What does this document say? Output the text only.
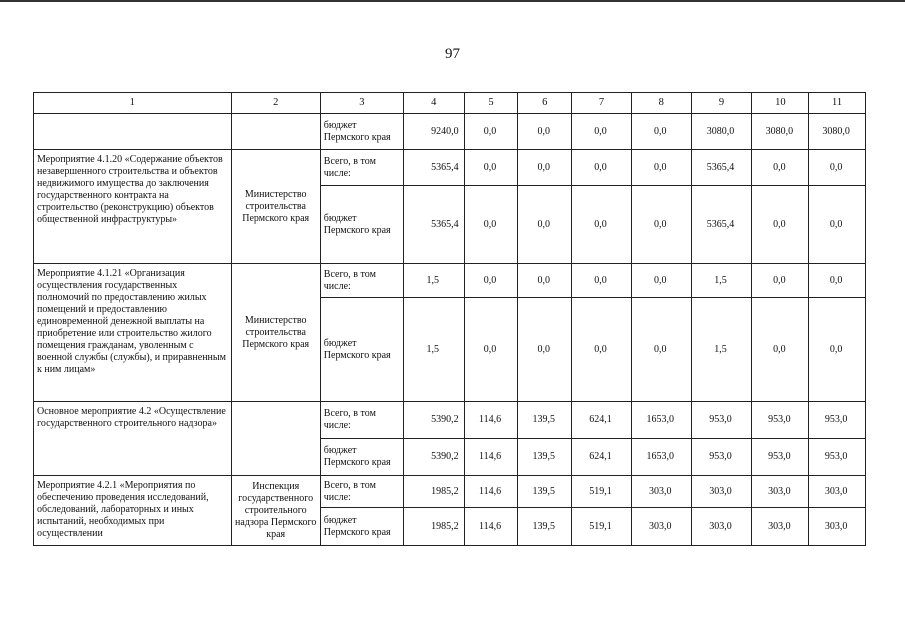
97
1	2	3	4	5	6	7	8	9	10	11
		бюджет Пермского края	9240,0	0,0	0,0	0,0	0,0	3080,0	3080,0	3080,0
Мероприятие 4.1.20 «Содержание объектов незавершенного строительства и объектов недвижимого имущества до заключения государственного контракта на строительство (реконструкцию) объектов общественной инфраструктуры»	Министерство строительства Пермского края	Всего, в том числе:	5365,4	0,0	0,0	0,0	0,0	5365,4	0,0	0,0
		бюджет Пермского края	5365,4	0,0	0,0	0,0	0,0	5365,4	0,0	0,0
Мероприятие 4.1.21 «Организация осуществления государственных полномочий по предоставлению жилых помещений и предоставлению единовременной денежной выплаты на приобретение или строительство жилого помещения гражданам, уволенным с военной службы (службы), и приравненным к ним лицам»	Министерство строительства Пермского края	Всего, в том числе:	1,5	0,0	0,0	0,0	0,0	1,5	0,0	0,0
		бюджет Пермского края	1,5	0,0	0,0	0,0	0,0	1,5	0,0	0,0
Основное мероприятие 4.2 «Осуществление государственного строительного надзора»		Всего, в том числе:	5390,2	114,6	139,5	624,1	1653,0	953,0	953,0	953,0
		бюджет Пермского края	5390,2	114,6	139,5	624,1	1653,0	953,0	953,0	953,0
Мероприятие 4.2.1 «Мероприятия по обеспечению проведения исследований, обследований, лабораторных и иных испытаний, необходимых при осуществлении	Инспекция государственного строительного надзора Пермского края	Всего, в том числе:	1985,2	114,6	139,5	519,1	303,0	303,0	303,0	303,0
		бюджет Пермского края	1985,2	114,6	139,5	519,1	303,0	303,0	303,0	303,0
